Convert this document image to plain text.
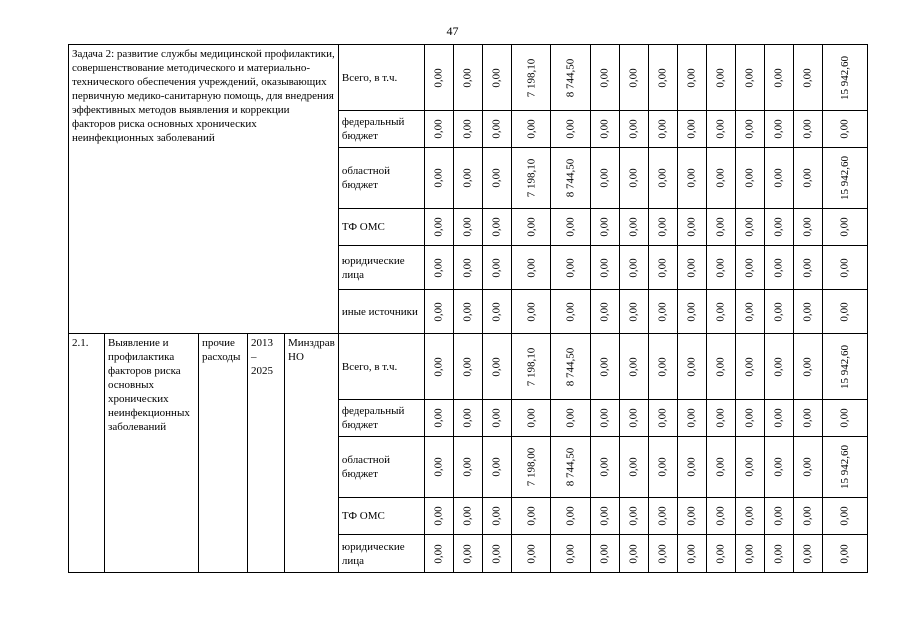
47
Задача 2: развитие службы медицинской профилактики, совершенствование методического и материально- технического обеспечения учреждений, оказывающих первичную медико-санитарную помощь, для внедрения эффективных методов выявления и коррекции факторов риска основных хронических неинфекционных заболеваний					Всего, в т.ч.	0,00	0,00	0,00	7 198,10	8 744,50	0,00	0,00	0,00	0,00	0,00	0,00	0,00	0,00	15 942,60
					федеральный бюджет	0,00	0,00	0,00	0,00	0,00	0,00	0,00	0,00	0,00	0,00	0,00	0,00	0,00	0,00
					областной бюджет	0,00	0,00	0,00	7 198,10	8 744,50	0,00	0,00	0,00	0,00	0,00	0,00	0,00	0,00	15 942,60
					ТФ ОМС	0,00	0,00	0,00	0,00	0,00	0,00	0,00	0,00	0,00	0,00	0,00	0,00	0,00	0,00
					юридические лица	0,00	0,00	0,00	0,00	0,00	0,00	0,00	0,00	0,00	0,00	0,00	0,00	0,00	0,00
					иные источники	0,00	0,00	0,00	0,00	0,00	0,00	0,00	0,00	0,00	0,00	0,00	0,00	0,00	0,00
2.1.	Выявление и профилактика факторов риска основных хронических неинфекционных заболеваний	прочие расходы	2013 – 2025	Минздрав НО	Всего, в т.ч.	0,00	0,00	0,00	7 198,10	8 744,50	0,00	0,00	0,00	0,00	0,00	0,00	0,00	0,00	15 942,60
					федеральный бюджет	0,00	0,00	0,00	0,00	0,00	0,00	0,00	0,00	0,00	0,00	0,00	0,00	0,00	0,00
					областной бюджет	0,00	0,00	0,00	7 198,00	8 744,50	0,00	0,00	0,00	0,00	0,00	0,00	0,00	0,00	15 942,60
					ТФ ОМС	0,00	0,00	0,00	0,00	0,00	0,00	0,00	0,00	0,00	0,00	0,00	0,00	0,00	0,00
					юридические лица	0,00	0,00	0,00	0,00	0,00	0,00	0,00	0,00	0,00	0,00	0,00	0,00	0,00	0,00
